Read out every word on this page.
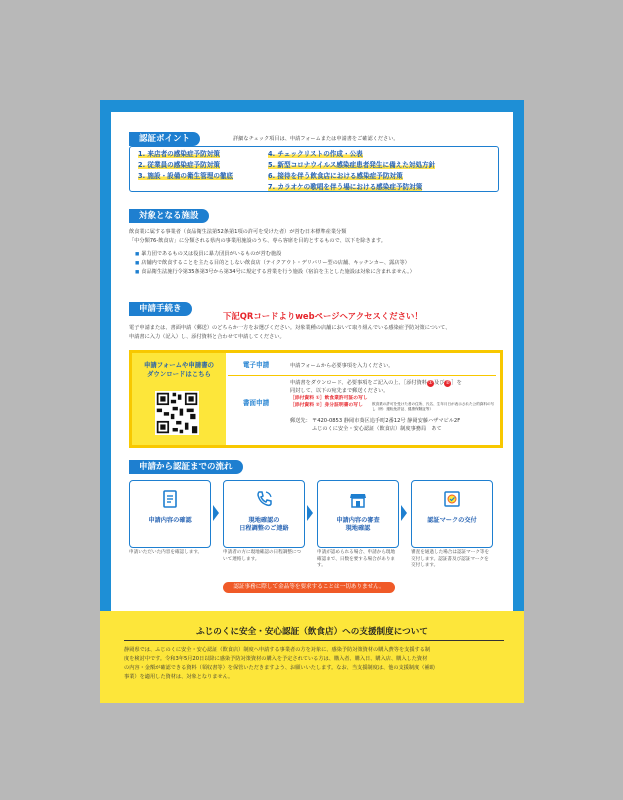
認証ポイント	詳細なチェック項目は、申請フォームまたは申請書をご確認ください。
1. 来店者の感染症予防対策
2. 従業員の感染症予防対策
3. 施設・設備の衛生管理の徹底
4. チェックリストの作成・公表
5. 新型コロナウイルス感染症患者発生に備えた対処方針
6. 接待を伴う飲食店における感染症予防対策
7. カラオケの歌唱を伴う場における感染症予防対策
対象となる施設
飲食業に属する事業者（食品衛生法第52条第1項の許可を受けた者）が営む日本標準産業分類
「中分類76-飲食店」に分類される県内の事業用施設のうち、専ら客席を目的とするもので、以下を除きます。
■ 暴力団であるもの又は役員に暴力団員がいるものが営む施設
■ 店舗内で飲食することを主たる目的としない飲食店（テイクアウト・デリバリー型の店舗、キッチンカー、露店等）
■ 食品衛生法施行令第35条第3号から第34号に規定する営業を行う施設（宿泊を主とした施設は対象に含まれません。）
申請手続き
下記QRコードよりwebページへアクセスください！
電子申請または、書面申請（郵送）のどちらか一方をお選びください。対象業種の店舗において取り組んでいる感染症予防対策について、
申請書に入力（記入）し、添付資料と合わせて申請してください。
申請フォームや申請書の
ダウンロードはこちら
電子申請	申請フォームから必要事項を入力ください。
書面申請
申請書をダウンロード、必要事項をご記入の上、［添付資料①及び②］を
同封して、以下の宛先まで郵送ください。
［添付資料 ①］飲食業許可証の写し
［添付資料 ②］身分証明書の写し	飲食業の許可を受けた者の住所、氏名、生年月日が表示された公的資料の写し（例：運転免許証、健康保険証等）
郵送先： 〒420-0853 静岡市葵区追手町2番12号 静岡安藤ハザマビル2F
ふじのくに安全・安心認証（飲食店）制度事務局　あて
申請から認証までの流れ
申請内容の確認	現地確認の
日程調整のご連絡
申請内容の審査
現地確認
認証マークの交付
申請いただいた内容を確認します。	申請者の方に現地確認の日程調整について連絡します。
申請が認められる場合、申請から現地確認まで、日数を要する場合があります。
審査を通過した場合は認証マーク等を交付します。認証書及び認証マークを交付します。
認証事務に際して金品等を要求することは一切ありません。
ふじのくに安全・安心認証（飲食店）への支援制度について
静岡県では、ふじのくに安全・安心認証（飲食店）制度へ申請する事業者の方を対象に、感染予防対策資材の購入費等を支援する制
度を検討中です。令和3年5月20日以降に感染予防対策資材の購入を予定されている方は、購入者、購入日、購入店、購入した資材
の内容・金額が確認できる資料（領収書等）を保管いただきますよう、お願いいたします。なお、当支援制度は、他の支援制度（補助
事業）を適用した資材は、対象となりません。
